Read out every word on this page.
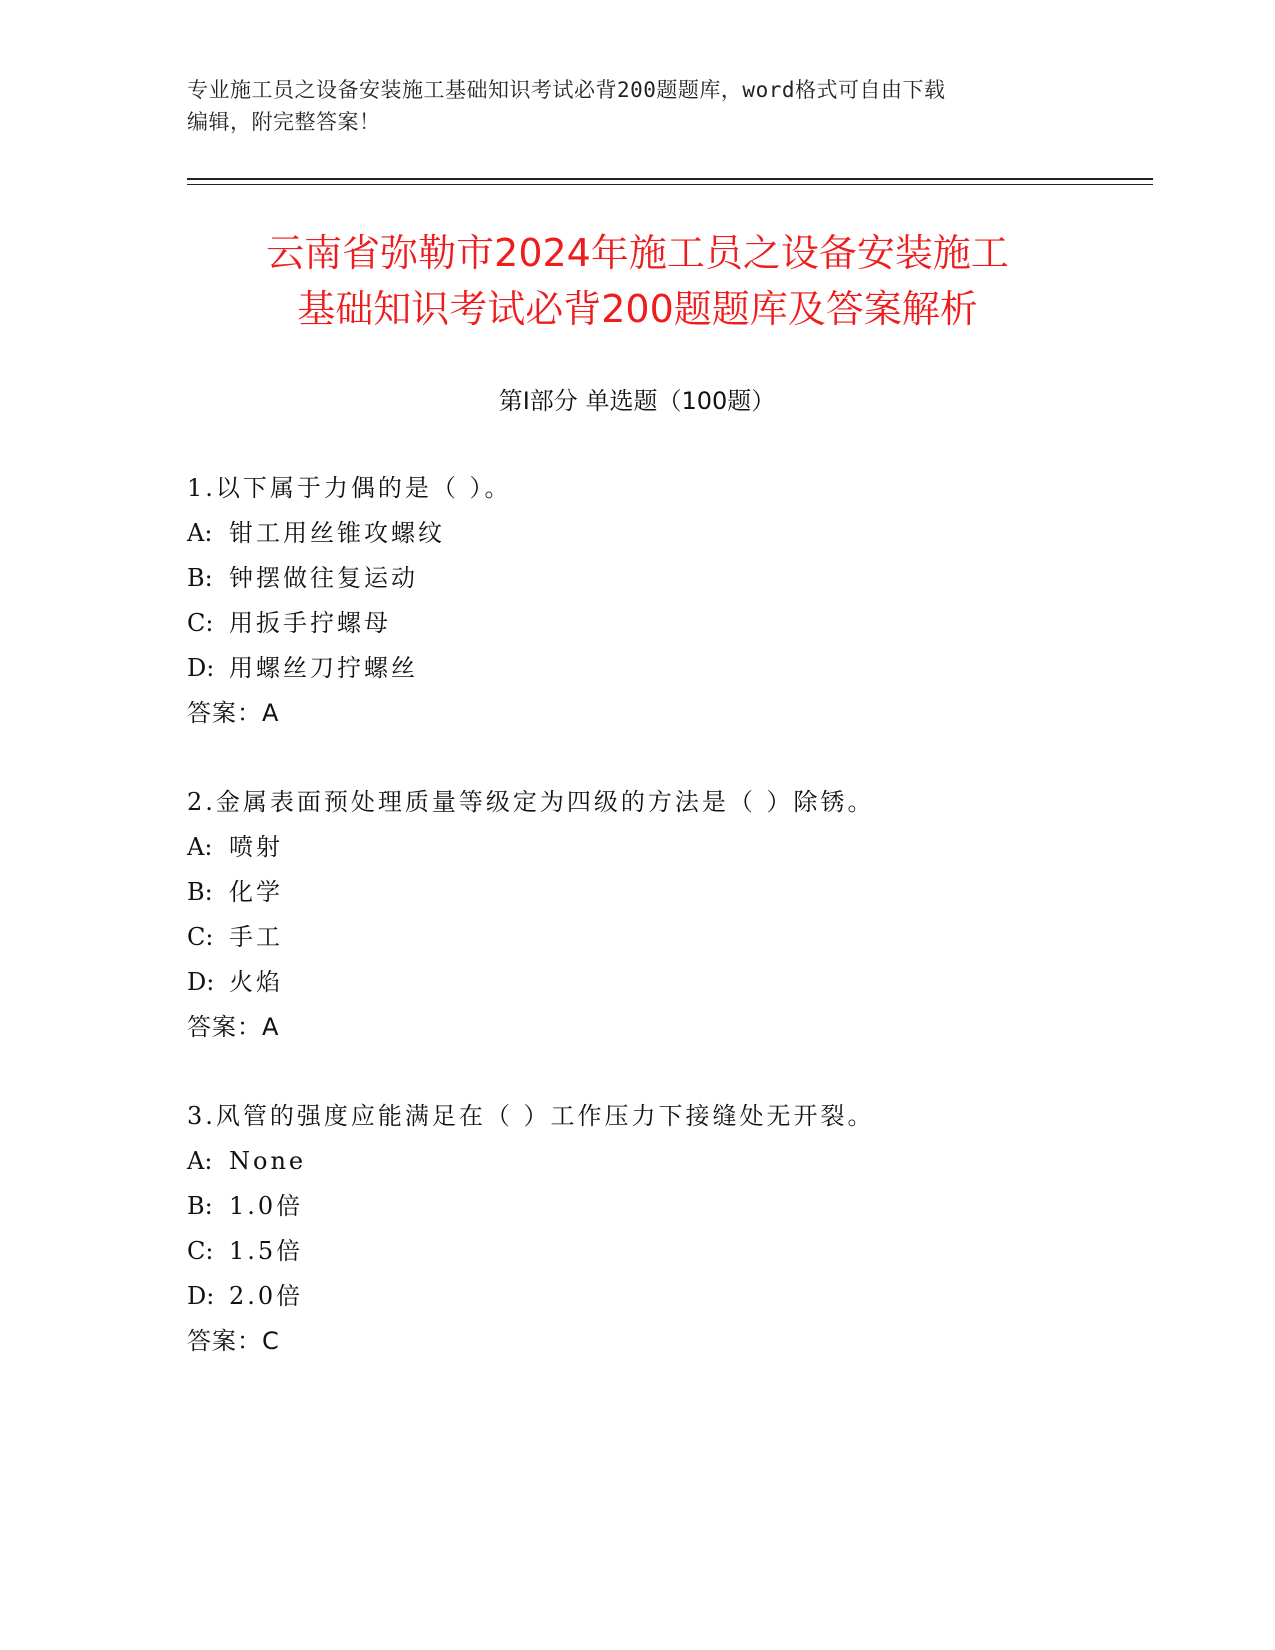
专业施工员之设备安装施工基础知识考试必背200题题库，word格式可自由下载
编辑，附完整答案！
云南省弥勒市2024年施工员之设备安装施工
基础知识考试必背200题题库及答案解析
第Ⅰ部分 单选题（100题）
1.以下属于力偶的是（ ）。
A: 钳工用丝锥攻螺纹
B: 钟摆做往复运动
C: 用扳手拧螺母
D: 用螺丝刀拧螺丝
答案：A
2.金属表面预处理质量等级定为四级的方法是（ ）除锈。
A: 喷射
B: 化学
C: 手工
D: 火焰
答案：A
3.风管的强度应能满足在（ ）工作压力下接缝处无开裂。
A: None
B: 1.0倍
C: 1.5倍
D: 2.0倍
答案：C
